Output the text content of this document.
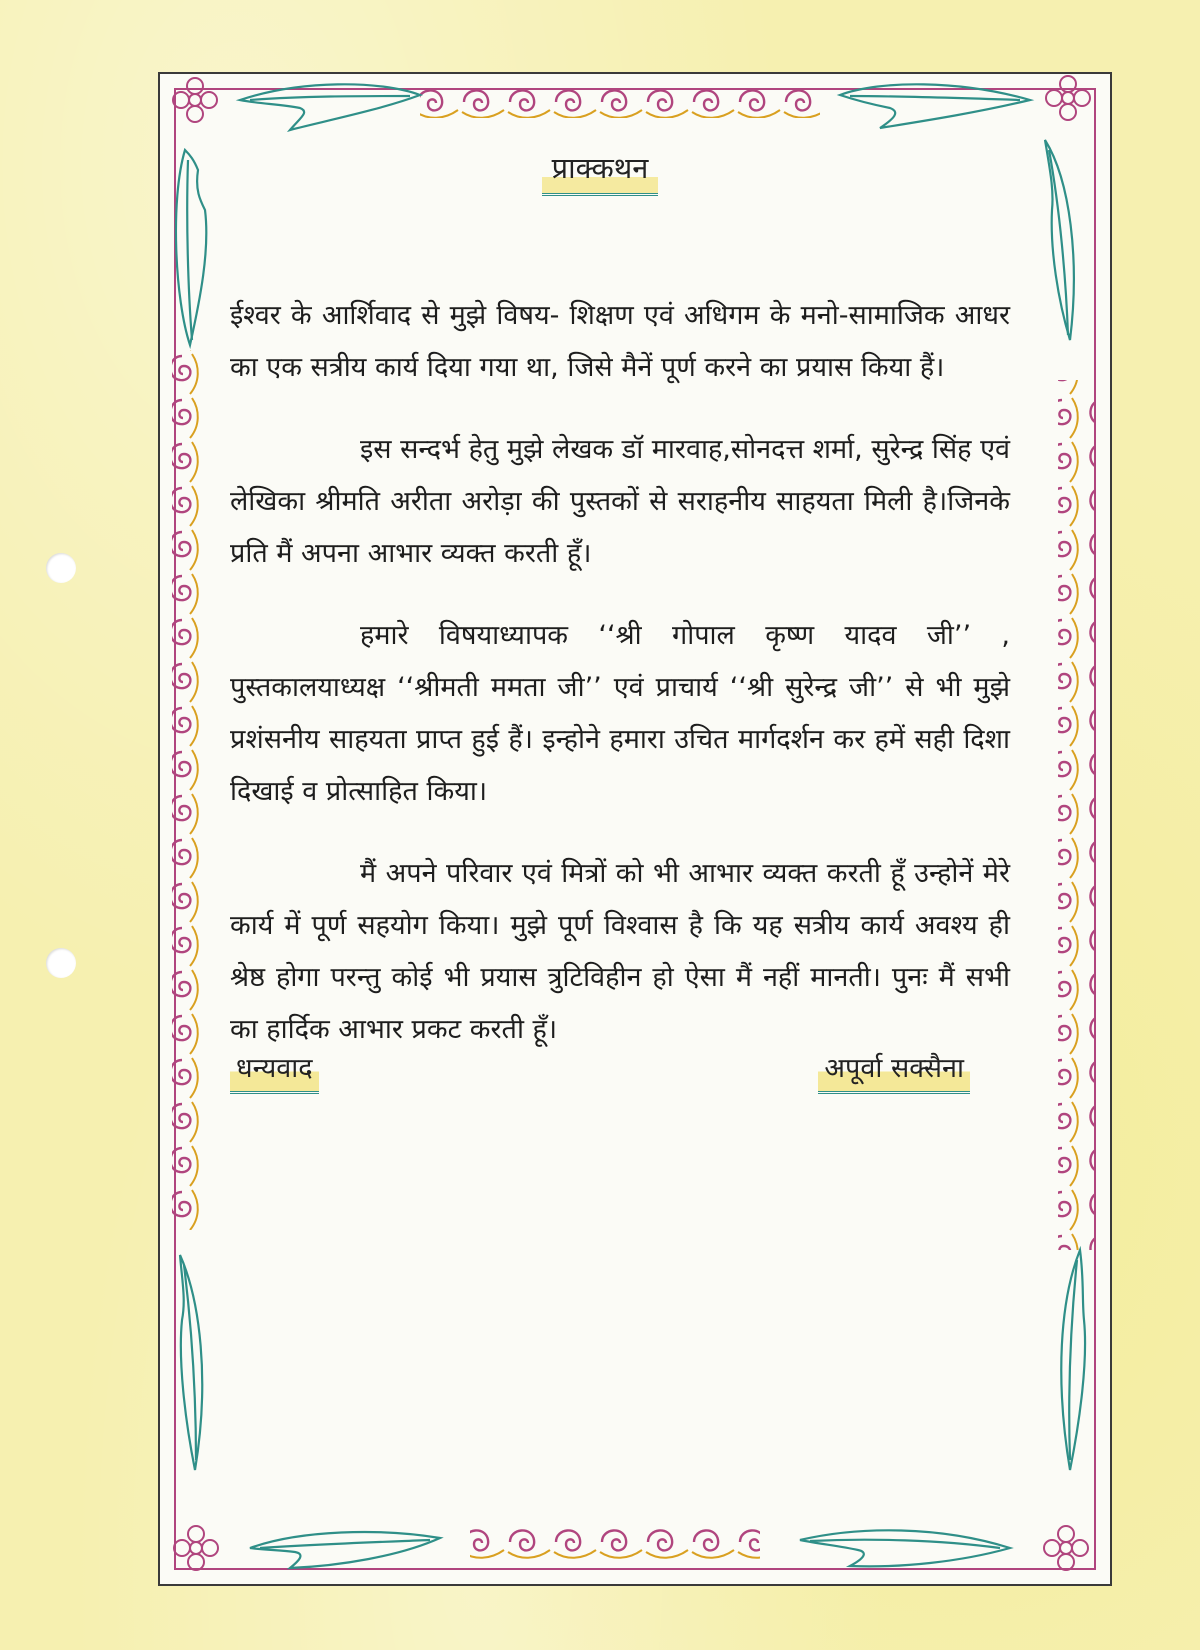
प्राक्कथन

ईश्वर के आर्शिवाद से मुझे विषय- शिक्षण एवं अधिगम के मनो-सामाजिक आधर का एक सत्रीय कार्य दिया गया था, जिसे मैनें पूर्ण करने का प्रयास किया हैं।

इस सन्दर्भ हेतु मुझे लेखक डॉ मारवाह,सोनदत्त शर्मा, सुरेन्द्र सिंह एवं लेखिका श्रीमति अरीता अरोड़ा की पुस्तकों से सराहनीय साहयता मिली है।जिनके प्रति मैं अपना आभार व्यक्त करती हूँ।

हमारे विषयाध्यापक ‘‘श्री गोपाल कृष्ण यादव जी’’ , पुस्तकालयाध्यक्ष ‘‘श्रीमती ममता जी’’ एवं प्राचार्य ‘‘श्री सुरेन्द्र जी’’ से भी मुझे प्रशंसनीय साहयता प्राप्त हुई हैं। इन्होने हमारा उचित मार्गदर्शन कर हमें सही दिशा दिखाई व प्रोत्साहित किया।

मैं अपने परिवार एवं मित्रों को भी आभार व्यक्त करती हूँ उन्होनें मेरे कार्य में पूर्ण सहयोग किया। मुझे पूर्ण विश्वास है कि यह सत्रीय कार्य अवश्य ही श्रेष्ठ होगा परन्तु कोई भी प्रयास त्रुटिविहीन हो ऐसा मैं नहीं मानती। पुनः मैं सभी का हार्दिक आभार प्रकट करती हूँ।

धन्यवाद	अपूर्वा सक्सैना
